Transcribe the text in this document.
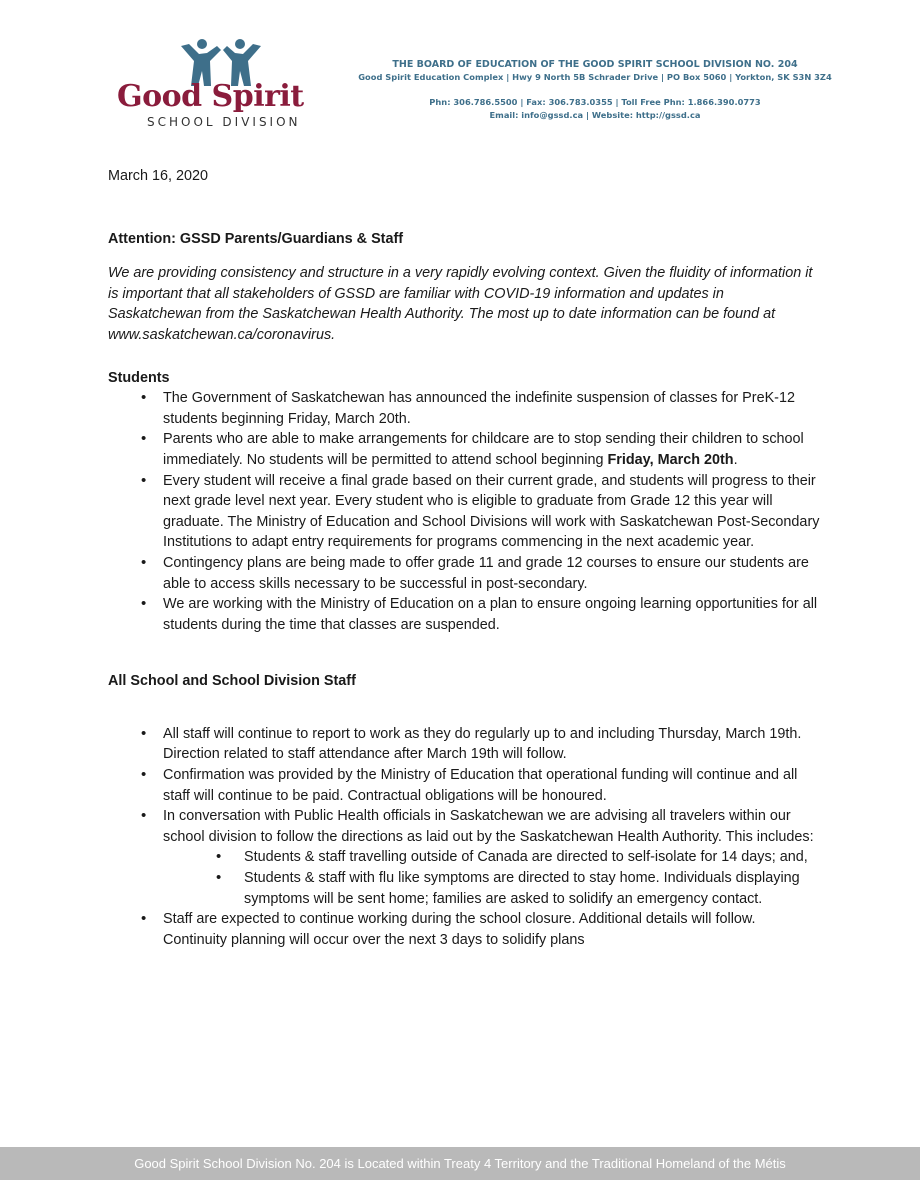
Good Spirit
SCHOOL DIVISION
THE BOARD OF EDUCATION OF THE GOOD SPIRIT SCHOOL DIVISION NO. 204
Good Spirit Education Complex | Hwy 9 North 5B Schrader Drive | PO Box 5060 | Yorkton, SK S3N 3Z4
Phn: 306.786.5500 | Fax: 306.783.0355 | Toll Free Phn: 1.866.390.0773
Email: info@gssd.ca | Website: http://gssd.ca

March 16, 2020

Attention: GSSD Parents/Guardians & Staff

We are providing consistency and structure in a very rapidly evolving context. Given the fluidity of information it is important that all stakeholders of GSSD are familiar with COVID-19 information and updates in Saskatchewan from the Saskatchewan Health Authority. The most up to date information can be found at www.saskatchewan.ca/coronavirus.

Students

• The Government of Saskatchewan has announced the indefinite suspension of classes for PreK-12 students beginning Friday, March 20th.
• Parents who are able to make arrangements for childcare are to stop sending their children to school immediately. No students will be permitted to attend school beginning Friday, March 20th.
• Every student will receive a final grade based on their current grade, and students will progress to their next grade level next year. Every student who is eligible to graduate from Grade 12 this year will graduate. The Ministry of Education and School Divisions will work with Saskatchewan Post-Secondary Institutions to adapt entry requirements for programs commencing in the next academic year.
• Contingency plans are being made to offer grade 11 and grade 12 courses to ensure our students are able to access skills necessary to be successful in post-secondary.
• We are working with the Ministry of Education on a plan to ensure ongoing learning opportunities for all students during the time that classes are suspended.

All School and School Division Staff

• All staff will continue to report to work as they do regularly up to and including Thursday, March 19th. Direction related to staff attendance after March 19th will follow.
• Confirmation was provided by the Ministry of Education that operational funding will continue and all staff will continue to be paid. Contractual obligations will be honoured.
• In conversation with Public Health officials in Saskatchewan we are advising all travelers within our school division to follow the directions as laid out by the Saskatchewan Health Authority. This includes:
• Students & staff travelling outside of Canada are directed to self-isolate for 14 days; and,
• Students & staff with flu like symptoms are directed to stay home. Individuals displaying symptoms will be sent home; families are asked to solidify an emergency contact.
• Staff are expected to continue working during the school closure. Additional details will follow. Continuity planning will occur over the next 3 days to solidify plans
Good Spirit School Division No. 204 is Located within Treaty 4 Territory and the Traditional Homeland of the Métis
